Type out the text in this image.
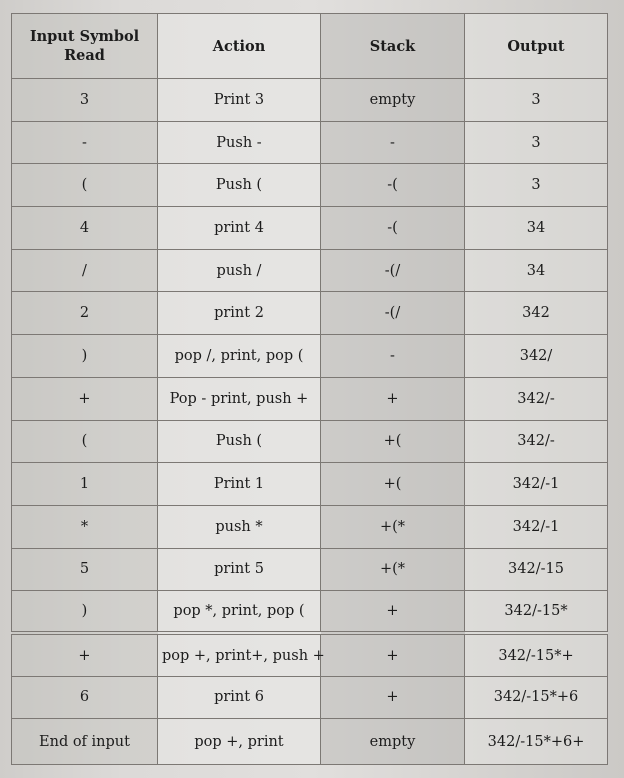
Input Symbol Read	Action	Stack	Output
3	Print 3	empty	3
-	Push -	-	3
(	Push (	-(	3
4	print 4	-(	34
/	push /	-(/	34
2	print 2	-(/	342
)	pop /, print, pop (	-	342/
+	Pop - print, push +	+	342/-
(	Push (	+(	342/-
1	Print 1	+(	342/-1
*	push *	+(*	342/-1
5	print 5	+(*	342/-15
)	pop *, print, pop (	+	342/-15*
+	pop +, print+, push +	+	342/-15*+
6	print 6	+	342/-15*+6
End of input	pop +, print	empty	342/-15*+6+
